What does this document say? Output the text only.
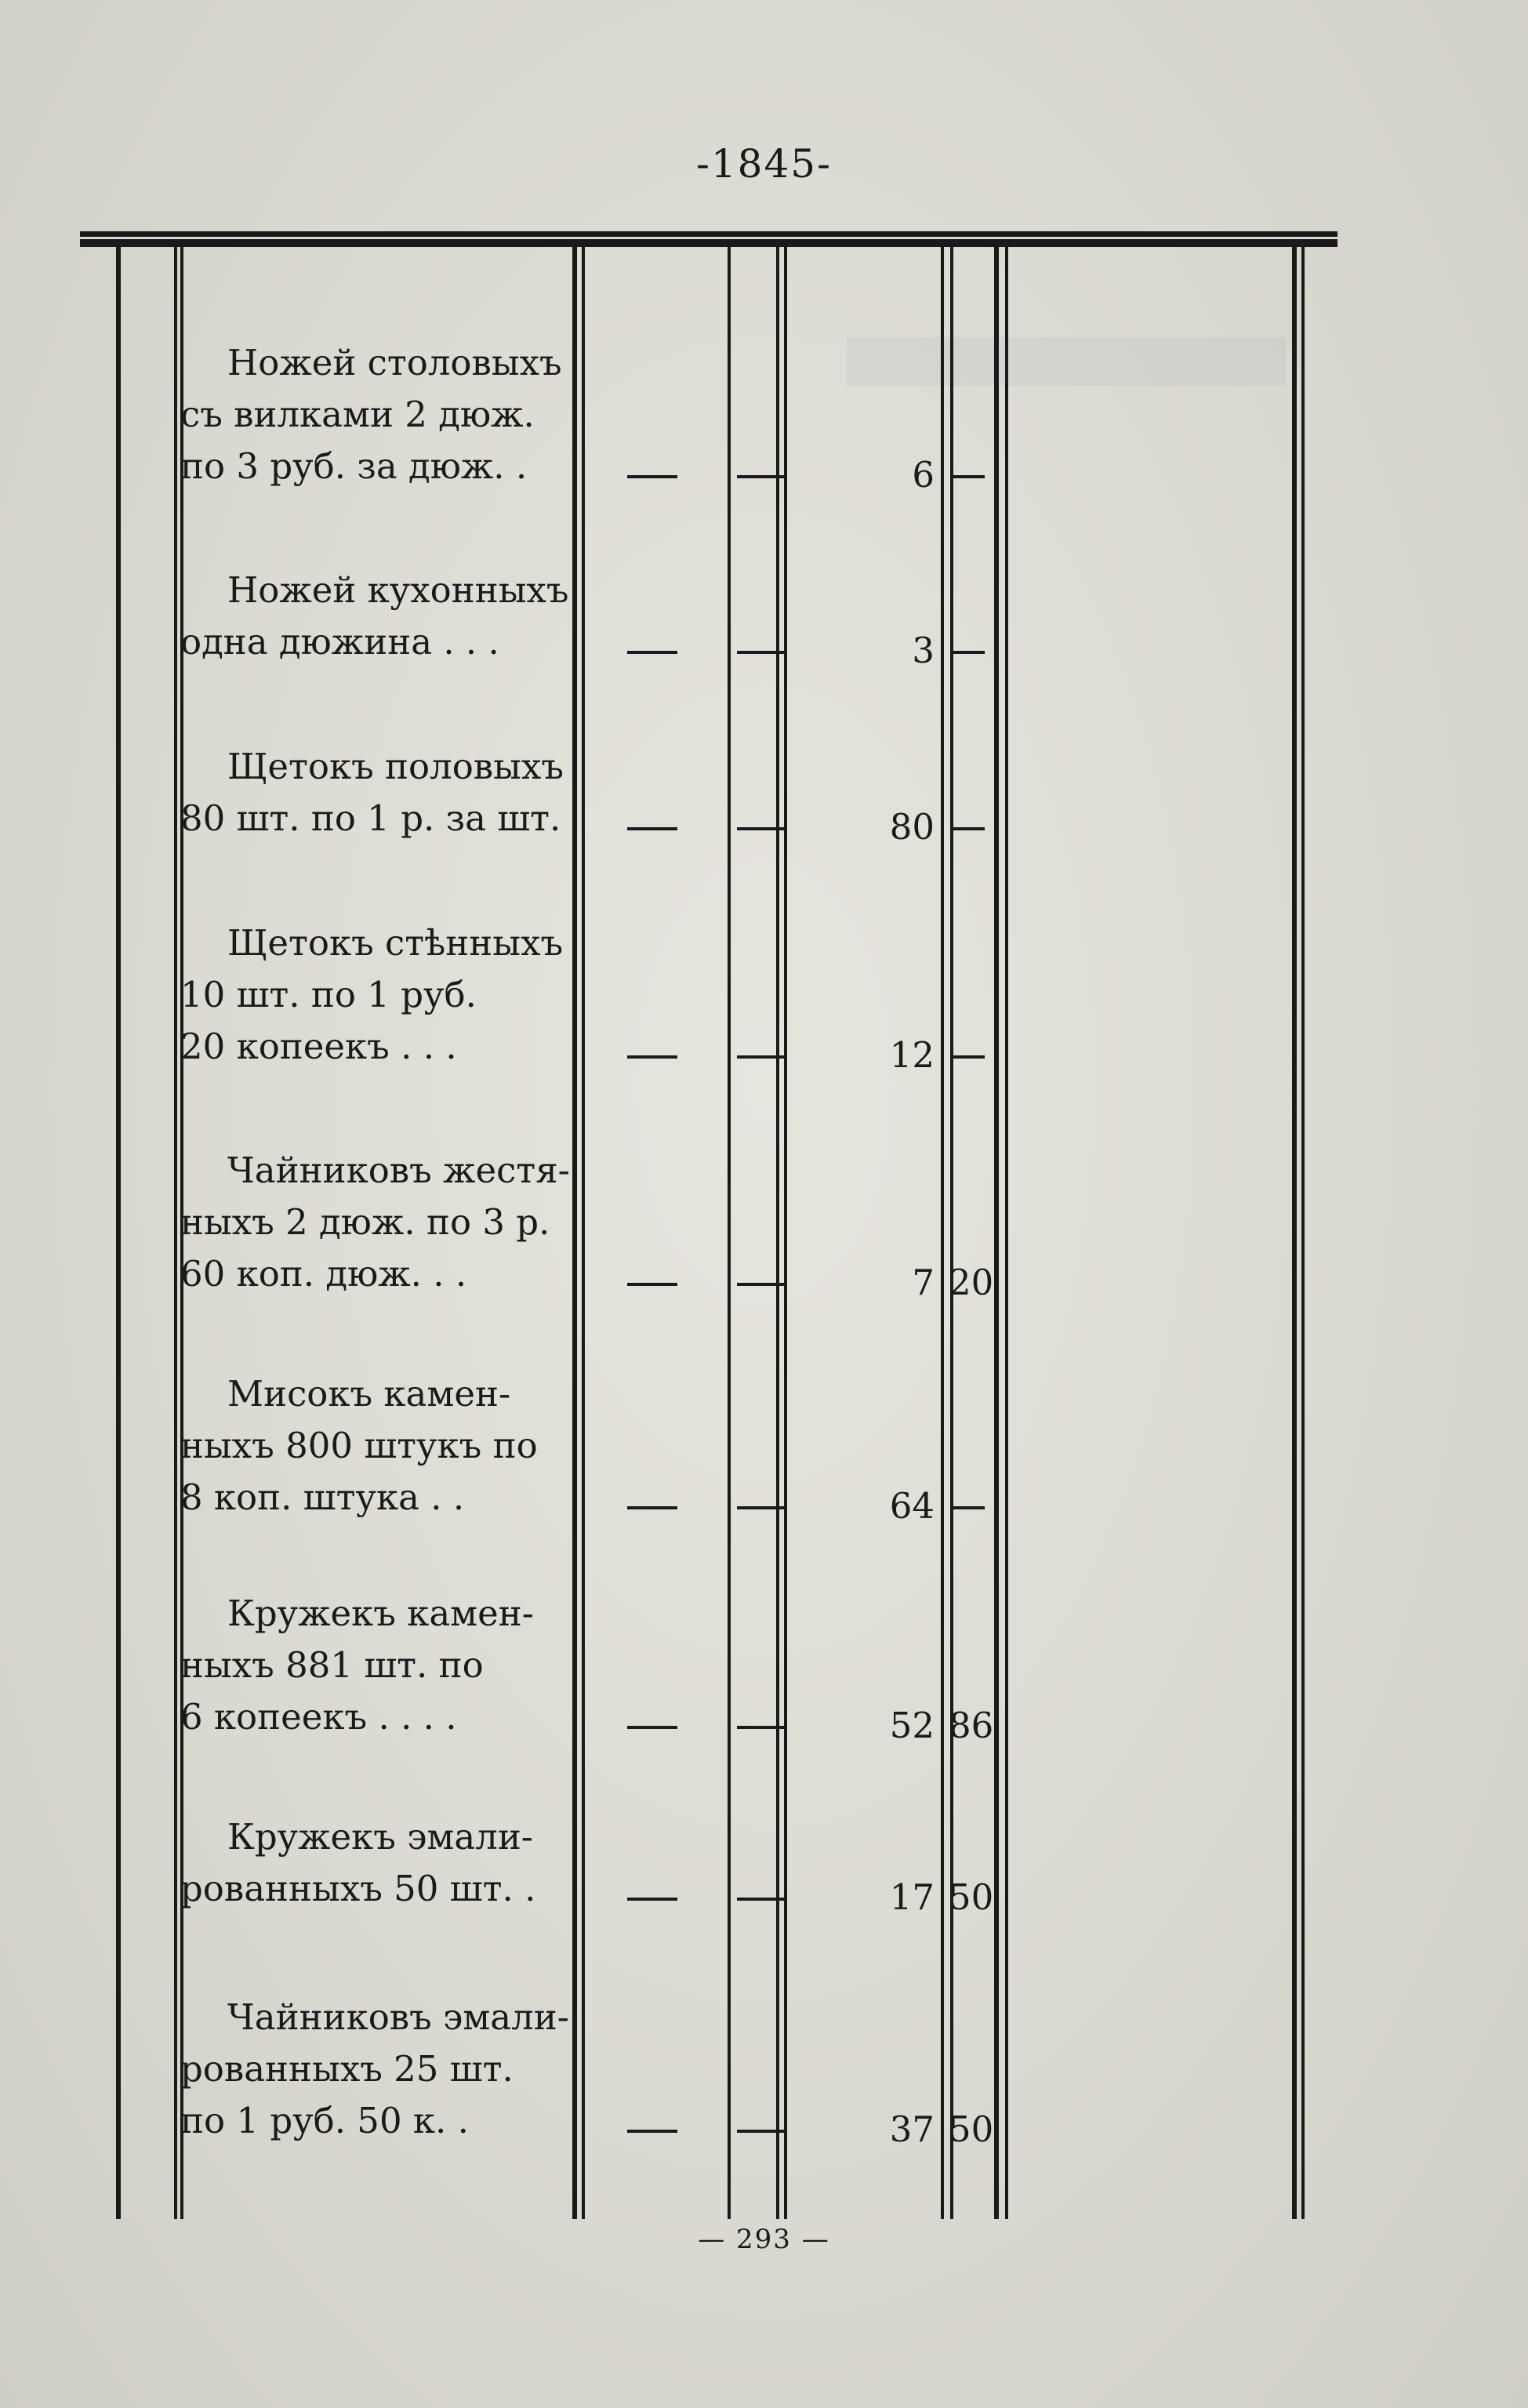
-1845-
Ножей столовыхъ
съ вилками 2 дюж.
по 3 руб. за дюж. .	6
Ножей кухонныхъ
одна дюжина . . .	3
Щетокъ половыхъ
80 шт. по 1 р. за шт.	80
Щетокъ стѣнныхъ
10 шт. по 1 руб.
20 копеекъ . . .	12
Чайниковъ жестя-
ныхъ 2 дюж. по 3 р.
60 коп. дюж. . .	7 20
Мисокъ камен-
ныхъ 800 штукъ по
8 коп. штука . .	64
Кружекъ камен-
ныхъ 881 шт. по
6 копеекъ . . . .	52 86
Кружекъ эмали-
рованныхъ 50 шт. .	17 50
Чайниковъ эмали-
рованныхъ 25 шт.
по 1 руб. 50 к. .	37 50
— 293 —
